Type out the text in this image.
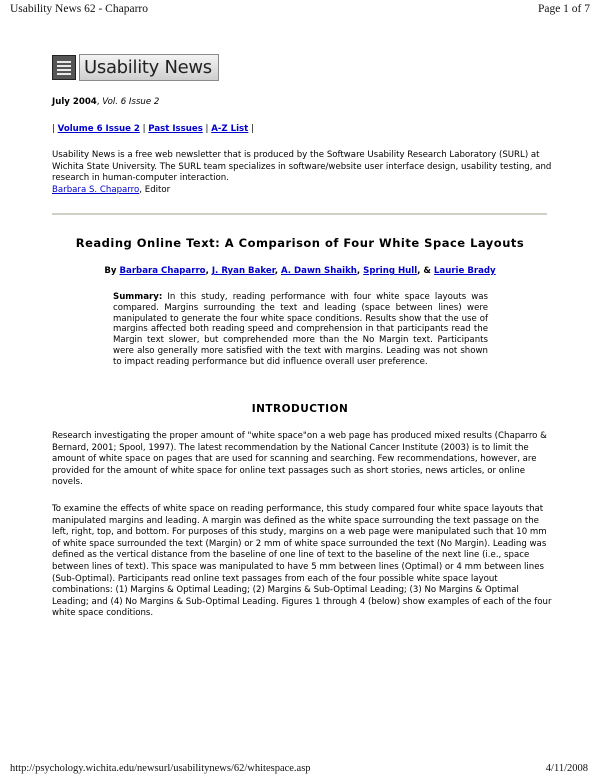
Usability News 62 - Chaparro	Page 1 of 7
Usability News
July 2004, Vol. 6 Issue 2
| Volume 6 Issue 2 | Past Issues | A-Z List |
Usability News is a free web newsletter that is produced by the Software Usability Research Laboratory (SURL) at Wichita State University. The SURL team specializes in software/website user interface design, usability testing, and research in human-computer interaction.
Barbara S. Chaparro, Editor
Reading Online Text: A Comparison of Four White Space Layouts
By Barbara Chaparro, J. Ryan Baker, A. Dawn Shaikh, Spring Hull, & Laurie Brady
Summary: In this study, reading performance with four white space layouts was compared. Margins surrounding the text and leading (space between lines) were manipulated to generate the four white space conditions. Results show that the use of margins affected both reading speed and comprehension in that participants read the Margin text slower, but comprehended more than the No Margin text. Participants were also generally more satisfied with the text with margins. Leading was not shown to impact reading performance but did influence overall user preference.
INTRODUCTION
Research investigating the proper amount of "white space"on a web page has produced mixed results (Chaparro & Bernard, 2001; Spool, 1997). The latest recommendation by the National Cancer Institute (2003) is to limit the amount of white space on pages that are used for scanning and searching. Few recommendations, however, are provided for the amount of white space for online text passages such as short stories, news articles, or online novels.
To examine the effects of white space on reading performance, this study compared four white space layouts that manipulated margins and leading. A margin was defined as the white space surrounding the text passage on the left, right, top, and bottom. For purposes of this study, margins on a web page were manipulated such that 10 mm of white space surrounded the text (Margin) or 2 mm of white space surrounded the text (No Margin). Leading was defined as the vertical distance from the baseline of one line of text to the baseline of the next line (i.e., space between lines of text). This space was manipulated to have 5 mm between lines (Optimal) or 4 mm between lines (Sub-Optimal). Participants read online text passages from each of the four possible white space layout combinations: (1) Margins & Optimal Leading; (2) Margins & Sub-Optimal Leading; (3) No Margins & Optimal Leading; and (4) No Margins & Sub-Optimal Leading. Figures 1 through 4 (below) show examples of each of the four white space conditions.
http://psychology.wichita.edu/newsurl/usabilitynews/62/whitespace.asp	4/11/2008
